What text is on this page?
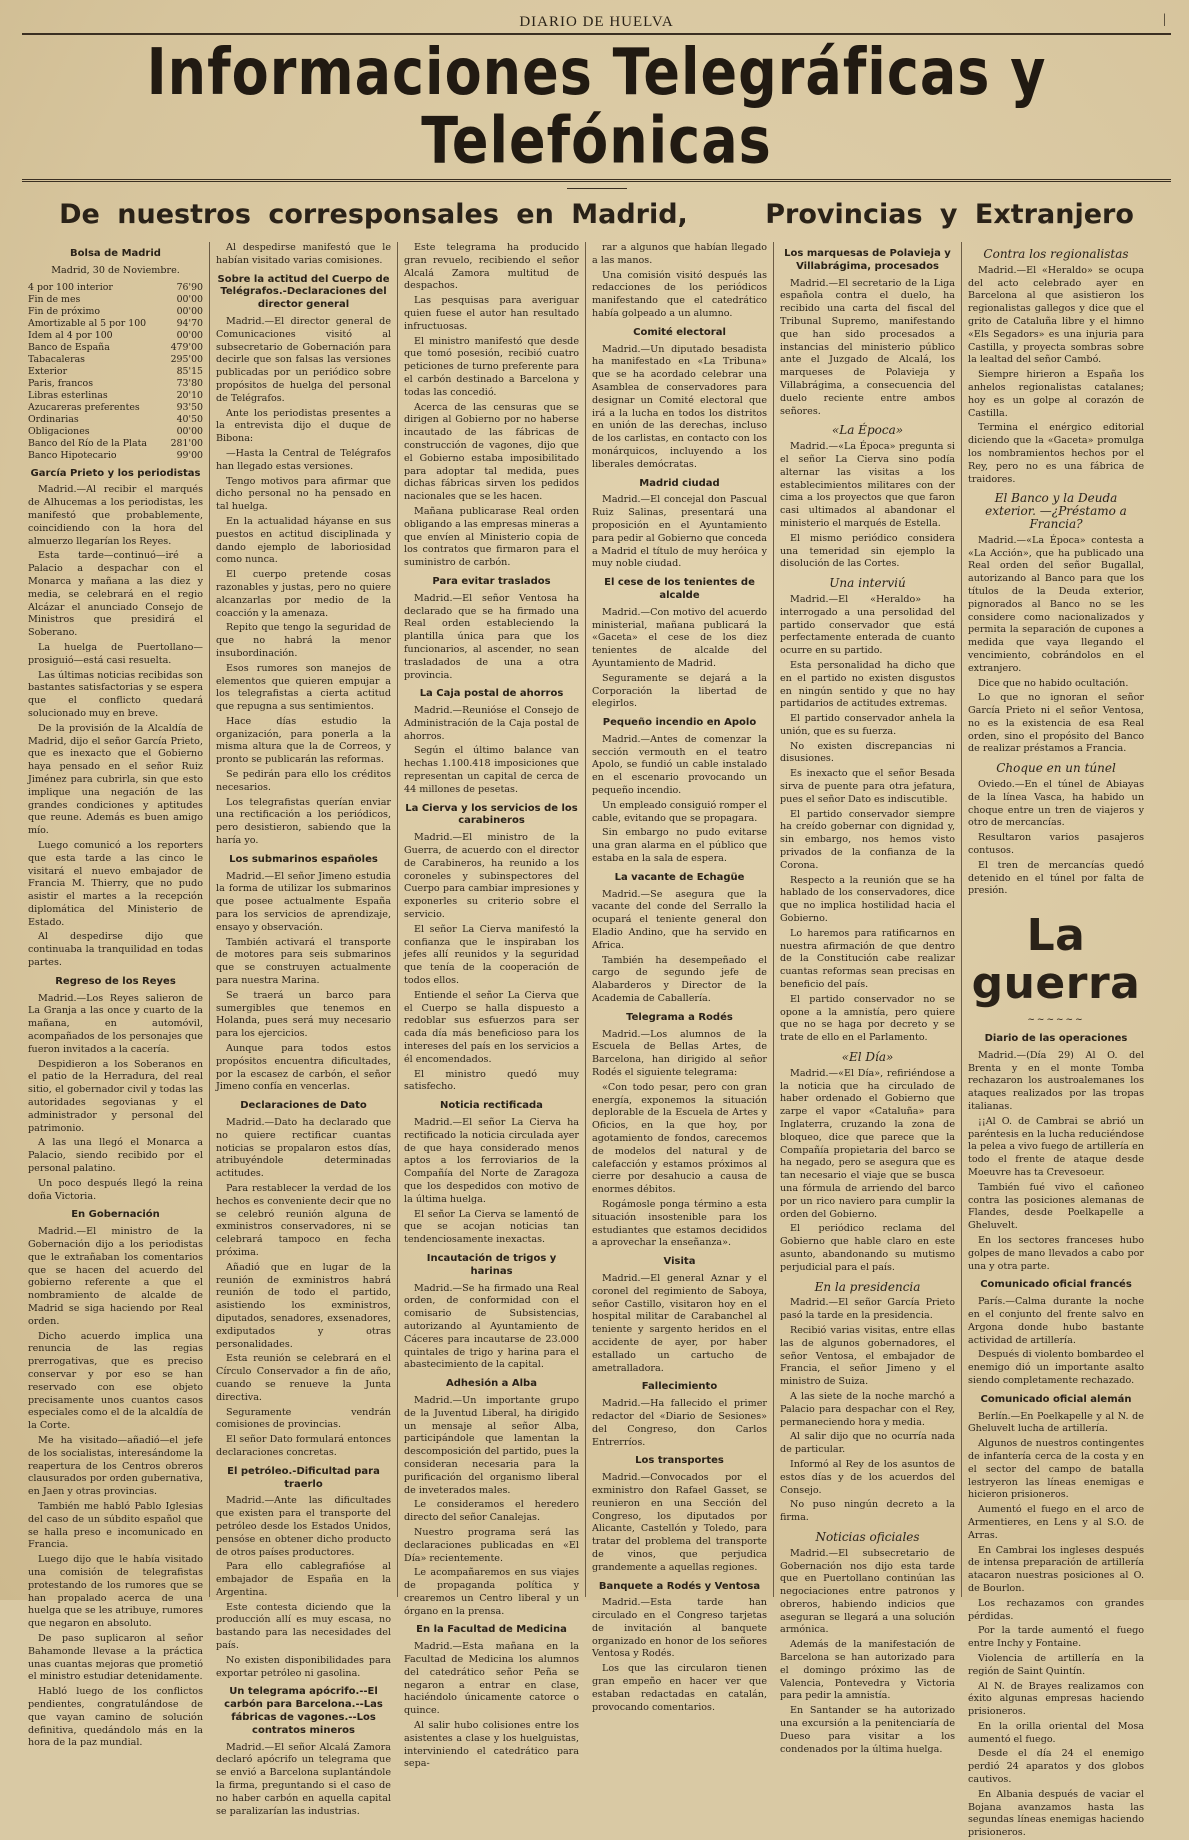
DIARIO DE HUELVA	|
Informaciones Telegráficas y Telefónicas
De nuestros corresponsales en Madrid,	Provincias y Extranjero
Bolsa de Madrid
Madrid, 30 de Noviembre.
4 por 100 interior	76'90
Fin de mes	00'00
Fin de próximo	00'00
Amortizable al 5 por 100	94'70
Idem al 4 por 100	00'00
Banco de España	479'00
Tabacaleras	295'00
Exterior	85'15
Paris, francos	73'80
Libras esterlinas	20'10
Azucareras preferentes	93'50
Ordinarias	40'50
Obligaciones	00'00
Banco del Río de la Plata	281'00
Banco Hipotecario	99'00
García Prieto y los periodistas

Madrid.—Al recibir el marqués de Alhucemas a los periodistas, les manifestó que probablemente, coincidiendo con la hora del almuerzo llegarían los Reyes.

Esta tarde—continuó—iré a Palacio a despachar con el Monarca y mañana a las diez y media, se celebrará en el regio Alcázar el anunciado Consejo de Ministros que presidirá el Soberano.

La huelga de Puertollano—prosiguió—está casi resuelta.

Las últimas noticias recibidas son bastantes satisfactorias y se espera que el conflicto quedará solucionado muy en breve.

De la provisión de la Alcaldía de Madrid, dijo el señor García Prieto, que es inexacto que el Gobierno haya pensado en el señor Ruiz Jiménez para cubrirla, sin que esto implique una negación de las grandes condiciones y aptitudes que reune. Además es buen amigo mío.

Luego comunicó a los reporters que esta tarde a las cinco le visitará el nuevo embajador de Francia M. Thierry, que no pudo asistir el martes a la recepción diplomática del Ministerio de Estado.

Al despedirse dijo que continuaba la tranquilidad en todas partes.

Regreso de los Reyes

Madrid.—Los Reyes salieron de La Granja a las once y cuarto de la mañana, en automóvil, acompañados de los personajes que fueron invitados a la cacería.

Despidieron a los Soberanos en el patio de la Herradura, del real sitio, el gobernador civil y todas las autoridades segovianas y el administrador y personal del patrimonio.

A las una llegó el Monarca a Palacio, siendo recibido por el personal palatino.

Un poco después llegó la reina doña Victoria.

En Gobernación

Madrid.—El ministro de la Gobernación dijo a los periodistas que le extrañaban los comentarios que se hacen del acuerdo del gobierno referente a que el nombramiento de alcalde de Madrid se siga haciendo por Real orden.

Dicho acuerdo implica una renuncia de las regias prerrogativas, que es preciso conservar y por eso se han reservado con ese objeto precisamente unos cuantos casos especiales como el de la alcaldía de la Corte.

Me ha visitado—añadió—el jefe de los socialistas, interesándome la reapertura de los Centros obreros clausurados por orden gubernativa, en Jaen y otras provincias.

También me habló Pablo Iglesias del caso de un súbdito español que se halla preso e incomunicado en Francia.

Luego dijo que le había visitado una comisión de telegrafistas protestando de los rumores que se han propalado acerca de una huelga que se les atribuye, rumores que negaron en absoluto.

De paso suplicaron al señor Bahamonde llevase a la práctica unas cuantas mejoras que prometió el ministro estudiar detenidamente.

Habló luego de los conflictos pendientes, congratulándose de que vayan camino de solución definitiva, quedándolo más en la hora de la paz mundial.

Al despedirse manifestó que le habían visitado varias comisiones.

Sobre la actitud del Cuerpo de Telégrafos.-Declaraciones del director general

Madrid.—El director general de Comunicaciones visitó al subsecretario de Gobernación para decirle que son falsas las versiones publicadas por un periódico sobre propósitos de huelga del personal de Telégrafos.

Ante los periodistas presentes a la entrevista dijo el duque de Bibona:

—Hasta la Central de Telégrafos han llegado estas versiones.

Tengo motivos para afirmar que dicho personal no ha pensado en tal huelga.

En la actualidad háyanse en sus puestos en actitud disciplinada y dando ejemplo de laboriosidad como nunca.

El cuerpo pretende cosas razonables y justas, pero no quiere alcanzarlas por medio de la coacción y la amenaza.

Repito que tengo la seguridad de que no habrá la menor insubordinación.

Esos rumores son manejos de elementos que quieren empujar a los telegrafistas a cierta actitud que repugna a sus sentimientos.

Hace días estudio la organización, para ponerla a la misma altura que la de Correos, y pronto se publicarán las reformas.

Se pedirán para ello los créditos necesarios.

Los telegrafistas querían enviar una rectificación a los periódicos, pero desistieron, sabiendo que la haría yo.

Los submarinos españoles

Madrid.—El señor Jimeno estudia la forma de utilizar los submarinos que posee actualmente España para los servicios de aprendizaje, ensayo y observación.

También activará el transporte de motores para seis submarinos que se construyen actualmente para nuestra Marina.

Se traerá un barco para sumergibles que tenemos en Holanda, pues será muy necesario para los ejercicios.

Aunque para todos estos propósitos encuentra dificultades, por la escasez de carbón, el señor Jimeno confía en vencerlas.

Declaraciones de Dato

Madrid.—Dato ha declarado que no quiere rectificar cuantas noticias se propalaron estos días, atribuyéndole determinadas actitudes.

Para restablecer la verdad de los hechos es conveniente decir que no se celebró reunión alguna de exministros conservadores, ni se celebrará tampoco en fecha próxima.

Añadió que en lugar de la reunión de exministros habrá reunión de todo el partido, asistiendo los exministros, diputados, senadores, exsenadores, exdiputados y otras personalidades.

Esta reunión se celebrará en el Círculo Conservador a fin de año, cuando se renueve la Junta directiva.

Seguramente vendrán comisiones de provincias.

El señor Dato formulará entonces declaraciones concretas.

El petróleo.-Dificultad para traerlo

Madrid.—Ante las dificultades que existen para el transporte del petróleo desde los Estados Unidos, pensóse en obtener dicho producto de otros países productores.

Para ello cablegrafióse al embajador de España en la Argentina.

Este contesta diciendo que la producción allí es muy escasa, no bastando para las necesidades del país.

No existen disponibilidades para exportar petróleo ni gasolina.

Un telegrama apócrifo.--El carbón para Barcelona.--Las fábricas de vagones.--Los contratos mineros

Madrid.—El señor Alcalá Zamora declaró apócrifo un telegrama que se envió a Barcelona suplantándole la firma, preguntando si el caso de no haber carbón en aquella capital se paralizarían las industrias.

Este telegrama ha producido gran revuelo, recibiendo el señor Alcalá Zamora multitud de despachos.

Las pesquisas para averiguar quien fuese el autor han resultado infructuosas.

El ministro manifestó que desde que tomó posesión, recibió cuatro peticiones de turno preferente para el carbón destinado a Barcelona y todas las concedió.

Acerca de las censuras que se dirigen al Gobierno por no haberse incautado de las fábricas de construcción de vagones, dijo que el Gobierno estaba imposibilitado para adoptar tal medida, pues dichas fábricas sirven los pedidos nacionales que se les hacen.

Mañana publicarase Real orden obligando a las empresas mineras a que envíen al Ministerio copia de los contratos que firmaron para el suministro de carbón.

Para evitar traslados

Madrid.—El señor Ventosa ha declarado que se ha firmado una Real orden estableciendo la plantilla única para que los funcionarios, al ascender, no sean trasladados de una a otra provincia.

La Caja postal de ahorros

Madrid.—Reunióse el Consejo de Administración de la Caja postal de ahorros.

Según el último balance van hechas 1.100.418 imposiciones que representan un capital de cerca de 44 millones de pesetas.

La Cierva y los servicios de los carabineros

Madrid.—El ministro de la Guerra, de acuerdo con el director de Carabineros, ha reunido a los coroneles y subinspectores del Cuerpo para cambiar impresiones y exponerles su criterio sobre el servicio.

El señor La Cierva manifestó la confianza que le inspiraban los jefes allí reunidos y la seguridad que tenía de la cooperación de todos ellos.

Entiende el señor La Cierva que el Cuerpo se halla dispuesto a redoblar sus esfuerzos para ser cada día más beneficioso para los intereses del país en los servicios a él encomendados.

El ministro quedó muy satisfecho.

Noticia rectificada

Madrid.—El señor La Cierva ha rectificado la noticia circulada ayer de que haya considerado menos aptos a los ferroviarios de la Compañía del Norte de Zaragoza que los despedidos con motivo de la última huelga.

El señor La Cierva se lamentó de que se acojan noticias tan tendenciosamente inexactas.

Incautación de trigos y harinas

Madrid.—Se ha firmado una Real orden, de conformidad con el comisario de Subsistencias, autorizando al Ayuntamiento de Cáceres para incautarse de 23.000 quintales de trigo y harina para el abastecimiento de la capital.

Adhesión a Alba

Madrid.—Un importante grupo de la Juventud Liberal, ha dirigido un mensaje al señor Alba, participándole que lamentan la descomposición del partido, pues la consideran necesaria para la purificación del organismo liberal de inveterados males.

Le consideramos el heredero directo del señor Canalejas.

Nuestro programa será las declaraciones publicadas en «El Día» recientemente.

Le acompañaremos en sus viajes de propaganda política y crearemos un Centro liberal y un órgano en la prensa.

En la Facultad de Medicina

Madrid.—Esta mañana en la Facultad de Medicina los alumnos del catedrático señor Peña se negaron a entrar en clase, haciéndolo únicamente catorce o quince.

Al salir hubo colisiones entre los asistentes a clase y los huelguistas, interviniendo el catedrático para sepa-

rar a algunos que habían llegado a las manos.

Una comisión visitó después las redacciones de los periódicos manifestando que el catedrático había golpeado a un alumno.

Comité electoral

Madrid.—Un diputado besadista ha manifestado en «La Tribuna» que se ha acordado celebrar una Asamblea de conservadores para designar un Comité electoral que irá a la lucha en todos los distritos en unión de las derechas, incluso de los carlistas, en contacto con los monárquicos, incluyendo a los liberales demócratas.

Madrid ciudad

Madrid.—El concejal don Pascual Ruiz Salinas, presentará una proposición en el Ayuntamiento para pedir al Gobierno que conceda a Madrid el título de muy heróica y muy noble ciudad.

El cese de los tenientes de alcalde

Madrid.—Con motivo del acuerdo ministerial, mañana publicará la «Gaceta» el cese de los diez tenientes de alcalde del Ayuntamiento de Madrid.

Seguramente se dejará a la Corporación la libertad de elegirlos.

Pequeño incendio en Apolo

Madrid.—Antes de comenzar la sección vermouth en el teatro Apolo, se fundió un cable instalado en el escenario provocando un pequeño incendio.

Un empleado consiguió romper el cable, evitando que se propagara.

Sin embargo no pudo evitarse una gran alarma en el público que estaba en la sala de espera.

La vacante de Echagüe

Madrid.—Se asegura que la vacante del conde del Serrallo la ocupará el teniente general don Eladio Andino, que ha servido en Africa.

También ha desempeñado el cargo de segundo jefe de Alabarderos y Director de la Academia de Caballería.

Telegrama a Rodés

Madrid.—Los alumnos de la Escuela de Bellas Artes, de Barcelona, han dirigido al señor Rodés el siguiente telegrama:

«Con todo pesar, pero con gran energía, exponemos la situación deplorable de la Escuela de Artes y Oficios, en la que hoy, por agotamiento de fondos, carecemos de modelos del natural y de calefacción y estamos próximos al cierre por desahucio a causa de enormes débitos.

Rogámosle ponga término a esta situación insostenible para los estudiantes que estamos decididos a aprovechar la enseñanza».

Visita

Madrid.—El general Aznar y el coronel del regimiento de Saboya, señor Castillo, visitaron hoy en el hospital militar de Carabanchel al teniente y sargento heridos en el accidente de ayer, por haber estallado un cartucho de ametralladora.

Fallecimiento

Madrid.—Ha fallecido el primer redactor del «Diario de Sesiones» del Congreso, don Carlos Entrerríos.

Los transportes

Madrid.—Convocados por el exministro don Rafael Gasset, se reunieron en una Sección del Congreso, los diputados por Alicante, Castellón y Toledo, para tratar del problema del transporte de vinos, que perjudica grandemente a aquellas regiones.

Banquete a Rodés y Ventosa

Madrid.—Esta tarde han circulado en el Congreso tarjetas de invitación al banquete organizado en honor de los señores Ventosa y Rodés.

Los que las circularon tienen gran empeño en hacer ver que estaban redactadas en catalán, provocando comentarios.

Los marquesas de Polavieja y Villabrágima, procesados

Madrid.—El secretario de la Liga española contra el duelo, ha recibido una carta del fiscal del Tribunal Supremo, manifestando que han sido procesados a instancias del ministerio público ante el Juzgado de Alcalá, los marqueses de Polavieja y Villabrágima, a consecuencia del duelo reciente entre ambos señores.

«La Época»

Madrid.—«La Época» pregunta si el señor La Cierva sino podía alternar las visitas a los establecimientos militares con der cima a los proyectos que que faron casi ultimados al abandonar el ministerio el marqués de Estella.

El mismo periódico considera una temeridad sin ejemplo la disolución de las Cortes.

Una interviú

Madrid.—El «Heraldo» ha interrogado a una persolidad del partido conservador que está perfectamente enterada de cuanto ocurre en su partido.

Esta personalidad ha dicho que en el partido no existen disgustos en ningún sentido y que no hay partidarios de actitudes extremas.

El partido conservador anhela la unión, que es su fuerza.

No existen discrepancias ni disusiones.

Es inexacto que el señor Besada sirva de puente para otra jefatura, pues el señor Dato es indiscutible.

El partido conservador siempre ha creído gobernar con dignidad y, sin embargo, nos hemos visto privados de la confianza de la Corona.

Respecto a la reunión que se ha hablado de los conservadores, dice que no implica hostilidad hacia el Gobierno.

Lo haremos para ratificarnos en nuestra afirmación de que dentro de la Constitución cabe realizar cuantas reformas sean precisas en beneficio del país.

El partido conservador no se opone a la amnistía, pero quiere que no se haga por decreto y se trate de ello en el Parlamento.

«El Día»

Madrid.—«El Día», refiriéndose a la noticia que ha circulado de haber ordenado el Gobierno que zarpe el vapor «Cataluña» para Inglaterra, cruzando la zona de bloqueo, dice que parece que la Compañía propietaria del barco se ha negado, pero se asegura que es tan necesario el viaje que se busca una fórmula de arriendo del barco por un rico naviero para cumplir la orden del Gobierno.

El periódico reclama del Gobierno que hable claro en este asunto, abandonando su mutismo perjudicial para el país.

En la presidencia

Madrid.—El señor García Prieto pasó la tarde en la presidencia.

Recibió varias visitas, entre ellas las de algunos gobernadores, el señor Ventosa, el embajador de Francia, el señor Jimeno y el ministro de Suiza.

A las siete de la noche marchó a Palacio para despachar con el Rey, permaneciendo hora y media.

Al salir dijo que no ocurría nada de particular.

Informó al Rey de los asuntos de estos días y de los acuerdos del Consejo.

No puso ningún decreto a la firma.

Noticias oficiales

Madrid.—El subsecretario de Gobernación nos dijo esta tarde que en Puertollano continúan las negociaciones entre patronos y obreros, habiendo indicios que aseguran se llegará a una solución armónica.

Además de la manifestación de Barcelona se han autorizado para el domingo próximo las de Valencia, Pontevedra y Victoria para pedir la amnistía.

En Santander se ha autorizado una excursión a la penitenciaría de Dueso para visitar a los condenados por la última huelga.

Contra los regionalistas

Madrid.—El «Heraldo» se ocupa del acto celebrado ayer en Barcelona al que asistieron los regionalistas gallegos y dice que el grito de Cataluña libre y el himno «Els Segadors» es una injuria para Castilla, y proyecta sombras sobre la lealtad del señor Cambó.

Siempre hirieron a España los anhelos regionalistas catalanes; hoy es un golpe al corazón de Castilla.

Termina el enérgico editorial diciendo que la «Gaceta» promulga los nombramientos hechos por el Rey, pero no es una fábrica de traidores.

El Banco y la Deuda exterior. —¿Préstamo a Francia?

Madrid.—«La Época» contesta a «La Acción», que ha publicado una Real orden del señor Bugallal, autorizando al Banco para que los títulos de la Deuda exterior, pignorados al Banco no se les considere como nacionalizados y permita la separación de cupones a medida que vaya llegando el vencimiento, cobrándolos en el extranjero.

Dice que no habido ocultación.

Lo que no ignoran el señor García Prieto ni el señor Ventosa, no es la existencia de esa Real orden, sino el propósito del Banco de realizar préstamos a Francia.

Choque en un túnel

Oviedo.—En el túnel de Abiayas de la línea Vasca, ha habido un choque entre un tren de viajeros y otro de mercancías.

Resultaron varios pasajeros contusos.

El tren de mercancías quedó detenido en el túnel por falta de presión.

La guerra
~~~~~~
Diario de las operaciones

Madrid.—(Día 29) Al O. del Brenta y en el monte Tomba rechazaron los austroalemanes los ataques realizados por las tropas italianas.

¡¡Al O. de Cambrai se abrió un paréntesis en la lucha reduciéndose la pelea a vivo fuego de artillería en todo el frente de ataque desde Moeuvre has ta Crevesoeur.

También fué vivo el cañoneo contra las posiciones alemanas de Flandes, desde Poelkapelle a Gheluvelt.

En los sectores franceses hubo golpes de mano llevados a cabo por una y otra parte.

Comunicado oficial francés

París.—Calma durante la noche en el conjunto del frente salvo en Argona donde hubo bastante actividad de artillería.

Después di violento bombardeo el enemigo dió un importante asalto siendo completamente rechazado.

Comunicado oficial alemán

Berlín.—En Poelkapelle y al N. de Gheluvelt lucha de artillería.

Algunos de nuestros contingentes de infantería cerca de la costa y en el sector del campo de batalla lestryeron las líneas enemigas e hicieron prisioneros.

Aumentó el fuego en el arco de Armentieres, en Lens y al S.O. de Arras.

En Cambrai los ingleses después de intensa preparación de artillería atacaron nuestras posiciones al O. de Bourlon.

Los rechazamos con grandes pérdidas.

Por la tarde aumentó el fuego entre Inchy y Fontaine.

Violencia de artillería en la región de Saint Quintín.

Al N. de Brayes realizamos con éxito algunas empresas haciendo prisioneros.

En la orilla oriental del Mosa aumentó el fuego.

Desde el día 24 el enemigo perdió 24 aparatos y dos globos cautivos.

En Albania después de vaciar el Bojana avanzamos hasta las segundas líneas enemigas haciendo prisioneros.
